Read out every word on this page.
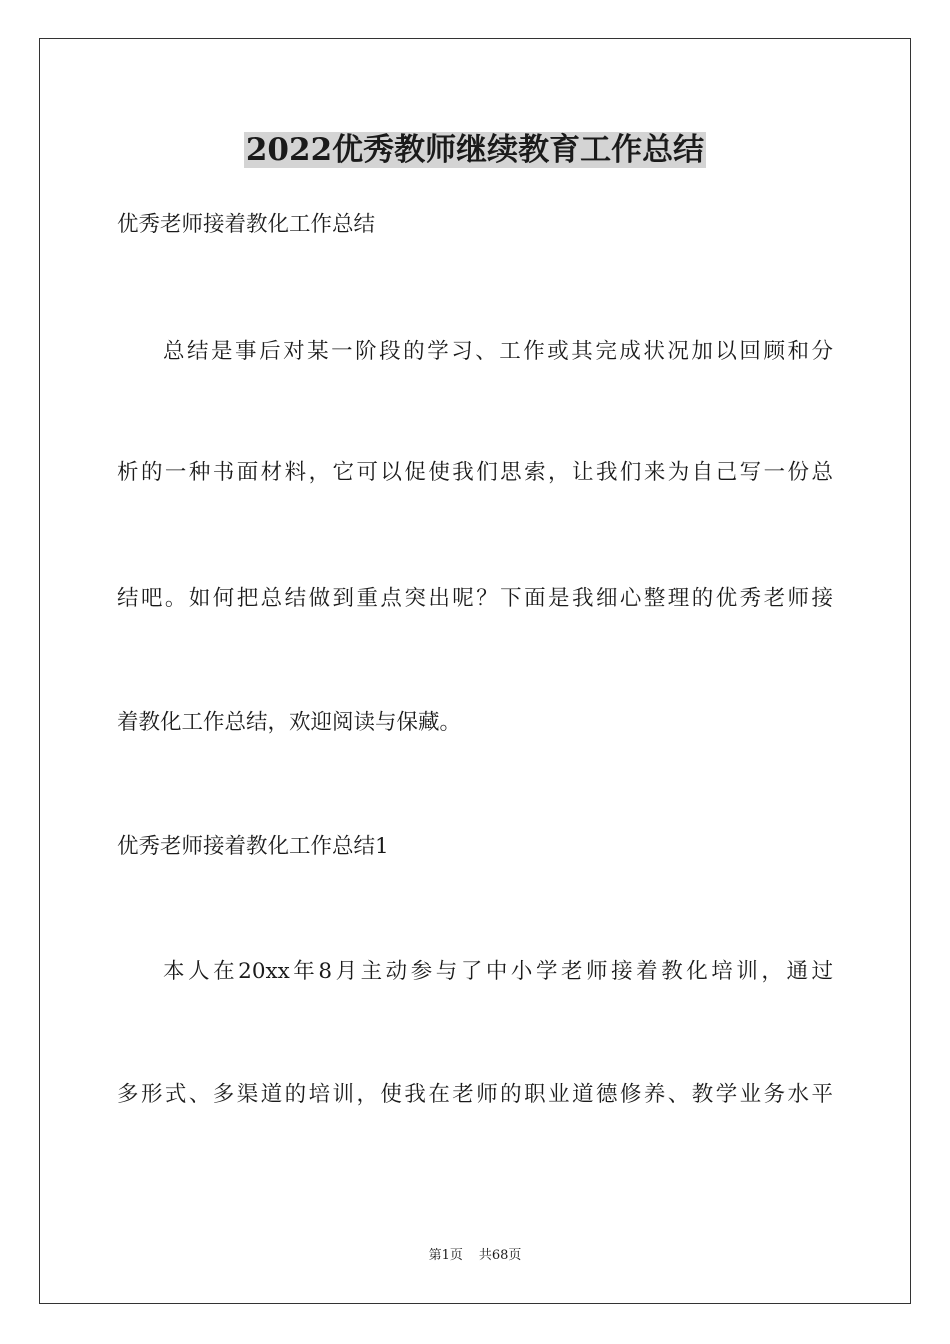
2022优秀教师继续教育工作总结
优秀老师接着教化工作总结
总结是事后对某一阶段的学习、工作或其完成状况加以回顾和分
析的一种书面材料，它可以促使我们思索，让我们来为自己写一份总
结吧。如何把总结做到重点突出呢？下面是我细心整理的优秀老师接
着教化工作总结，欢迎阅读与保藏。
优秀老师接着教化工作总结1
本人在20xx年8月主动参与了中小学老师接着教化培训，通过
多形式、多渠道的培训，使我在老师的职业道德修养、教学业务水平
第1页 共68页
